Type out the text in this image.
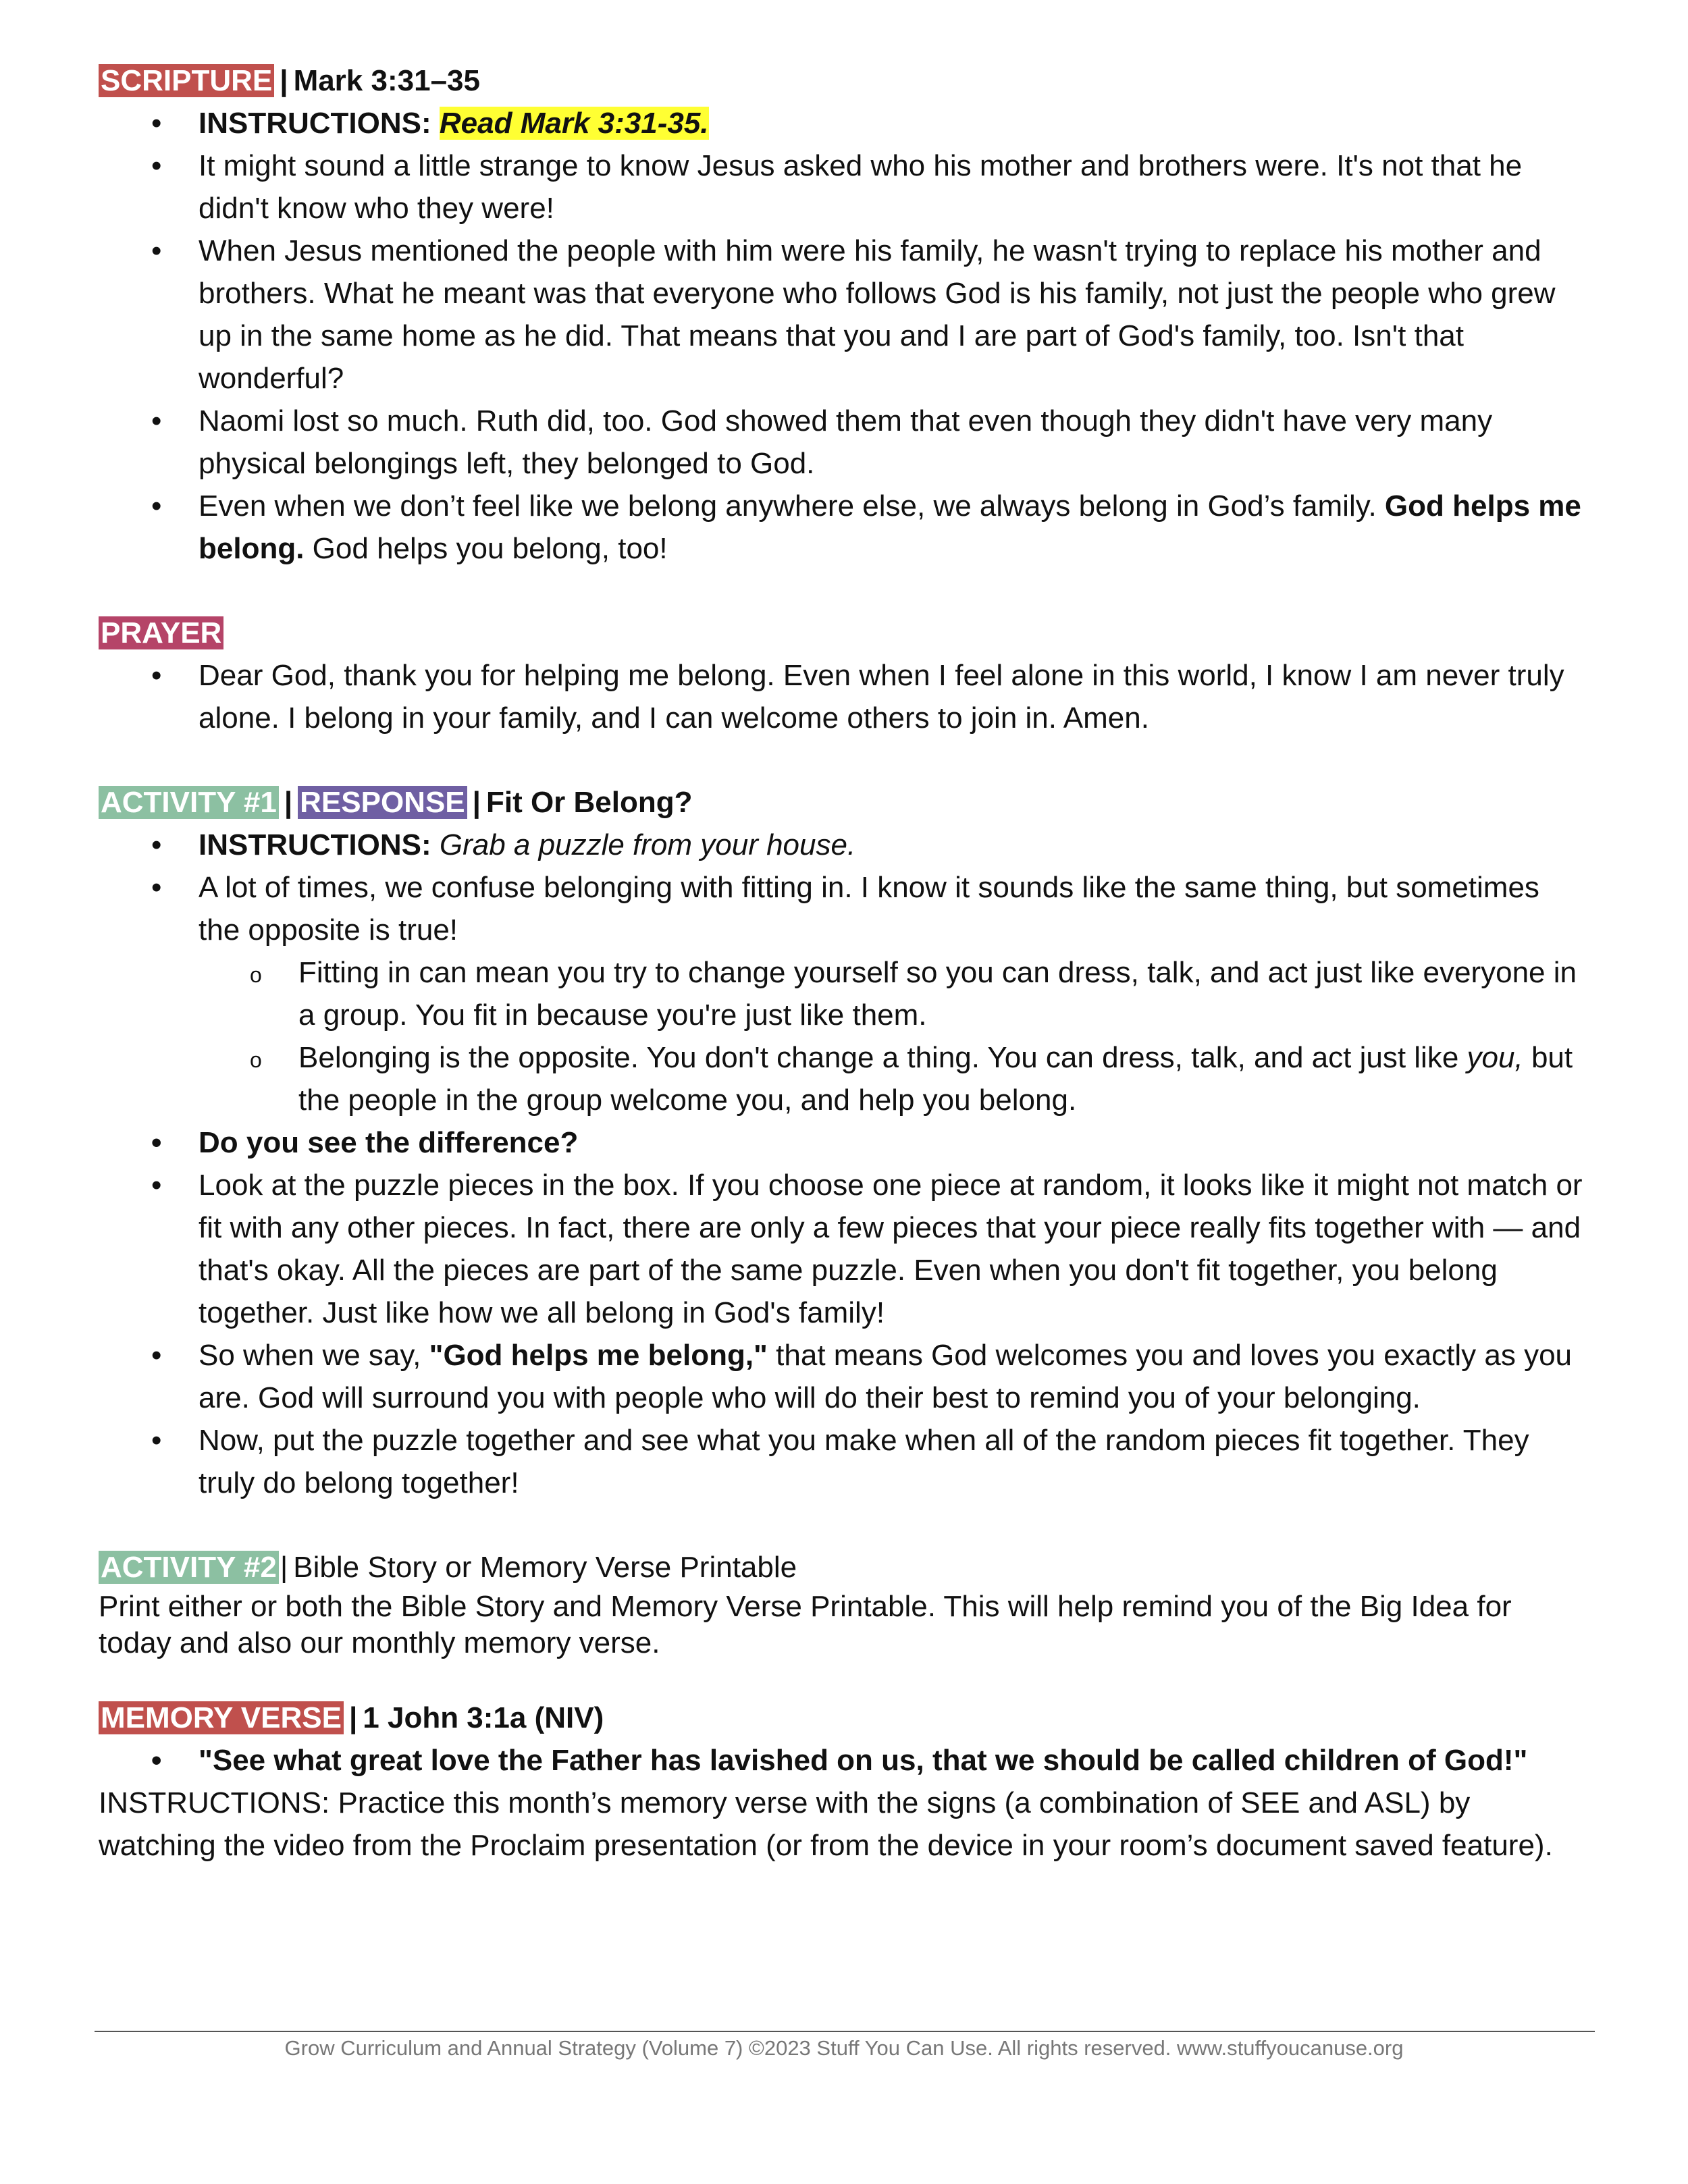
SCRIPTURE | Mark 3:31–35

• INSTRUCTIONS: Read Mark 3:31-35.
• It might sound a little strange to know Jesus asked who his mother and brothers were. It's not that he didn't know who they were!
• When Jesus mentioned the people with him were his family, he wasn't trying to replace his mother and brothers. What he meant was that everyone who follows God is his family, not just the people who grew up in the same home as he did. That means that you and I are part of God's family, too. Isn't that wonderful?
• Naomi lost so much. Ruth did, too. God showed them that even though they didn't have very many physical belongings left, they belonged to God.
• Even when we don’t feel like we belong anywhere else, we always belong in God’s family. God helps me belong. God helps you belong, too!

PRAYER

• Dear God, thank you for helping me belong. Even when I feel alone in this world, I know I am never truly alone. I belong in your family, and I can welcome others to join in. Amen.

ACTIVITY #1 | RESPONSE | Fit Or Belong?

• INSTRUCTIONS: Grab a puzzle from your house.
• A lot of times, we confuse belonging with fitting in. I know it sounds like the same thing, but sometimes the opposite is true!
o Fitting in can mean you try to change yourself so you can dress, talk, and act just like everyone in a group. You fit in because you're just like them.
o Belonging is the opposite. You don't change a thing. You can dress, talk, and act just like you, but the people in the group welcome you, and help you belong.
• Do you see the difference?
• Look at the puzzle pieces in the box. If you choose one piece at random, it looks like it might not match or fit with any other pieces. In fact, there are only a few pieces that your piece really fits together with — and that's okay. All the pieces are part of the same puzzle. Even when you don't fit together, you belong together. Just like how we all belong in God's family!
• So when we say, "God helps me belong," that means God welcomes you and loves you exactly as you are. God will surround you with people who will do their best to remind you of your belonging.
• Now, put the puzzle together and see what you make when all of the random pieces fit together. They truly do belong together!

ACTIVITY #2 | Bible Story or Memory Verse Printable

Print either or both the Bible Story and Memory Verse Printable. This will help remind you of the Big Idea for today and also our monthly memory verse.

MEMORY VERSE | 1 John 3:1a (NIV)

• "See what great love the Father has lavished on us, that we should be called children of God!"

INSTRUCTIONS: Practice this month’s memory verse with the signs (a combination of SEE and ASL) by watching the video from the Proclaim presentation (or from the device in your room’s document saved feature).

Grow Curriculum and Annual Strategy (Volume 7) ©2023 Stuff You Can Use. All rights reserved. www.stuffyoucanuse.org
